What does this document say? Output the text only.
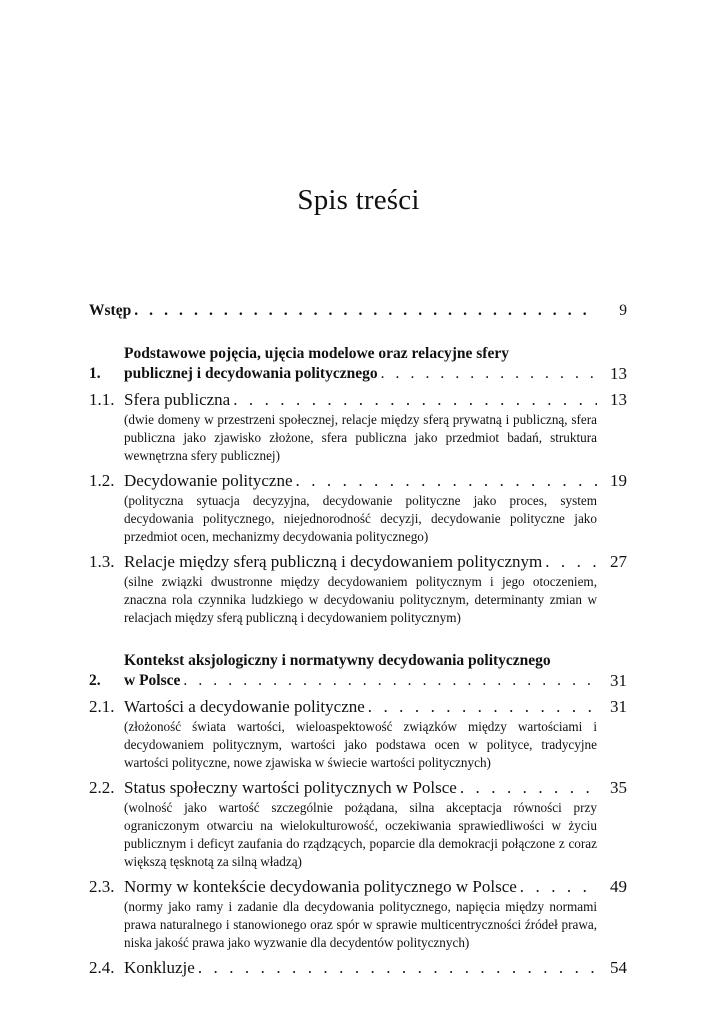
Spis treści
Wstęp . . .	9
1.
Podstawowe pojęcia, ujęcia modelowe oraz relacyjne sfery
publicznej i decydowania politycznego . . .	13
1.1. Sfera publiczna . . .	13
(dwie domeny w przestrzeni społecznej, relacje między sferą prywatną i publiczną, sfera publiczna jako zjawisko złożone, sfera publiczna jako przedmiot badań, struktura wewnętrzna sfery publicznej)
1.2. Decydowanie polityczne . . .	19
(polityczna sytuacja decyzyjna, decydowanie polityczne jako proces, system decydowania politycznego, niejednorodność decyzji, decydowanie polityczne jako przedmiot ocen, mechanizmy decydowania politycznego)
1.3. Relacje między sferą publiczną i decydowaniem politycznym . . .	27
(silne związki dwustronne między decydowaniem politycznym i jego otoczeniem, znaczna rola czynnika ludzkiego w decydowaniu politycznym, determinanty zmian w relacjach między sferą publiczną i decydowaniem politycznym)
2.
Kontekst aksjologiczny i normatywny decydowania politycznego
w Polsce . . .	31
2.1. Wartości a decydowanie polityczne . . .	31
(złożoność świata wartości, wieloaspektowość związków między wartościami i decydowaniem politycznym, wartości jako podstawa ocen w polityce, tradycyjne wartości polityczne, nowe zjawiska w świecie wartości politycznych)
2.2. Status społeczny wartości politycznych w Polsce . . .	35
(wolność jako wartość szczególnie pożądana, silna akceptacja równości przy ograniczonym otwarciu na wielokulturowość, oczekiwania sprawiedliwości w życiu publicznym i deficyt zaufania do rządzących, poparcie dla demokracji połączone z coraz większą tęsknotą za silną władzą)
2.3. Normy w kontekście decydowania politycznego w Polsce . . .	49
(normy jako ramy i zadanie dla decydowania politycznego, napięcia między normami prawa naturalnego i stanowionego oraz spór w sprawie multicentryczności źródeł prawa, niska jakość prawa jako wyzwanie dla decydentów politycznych)
2.4. Konkluzje . . .	54
